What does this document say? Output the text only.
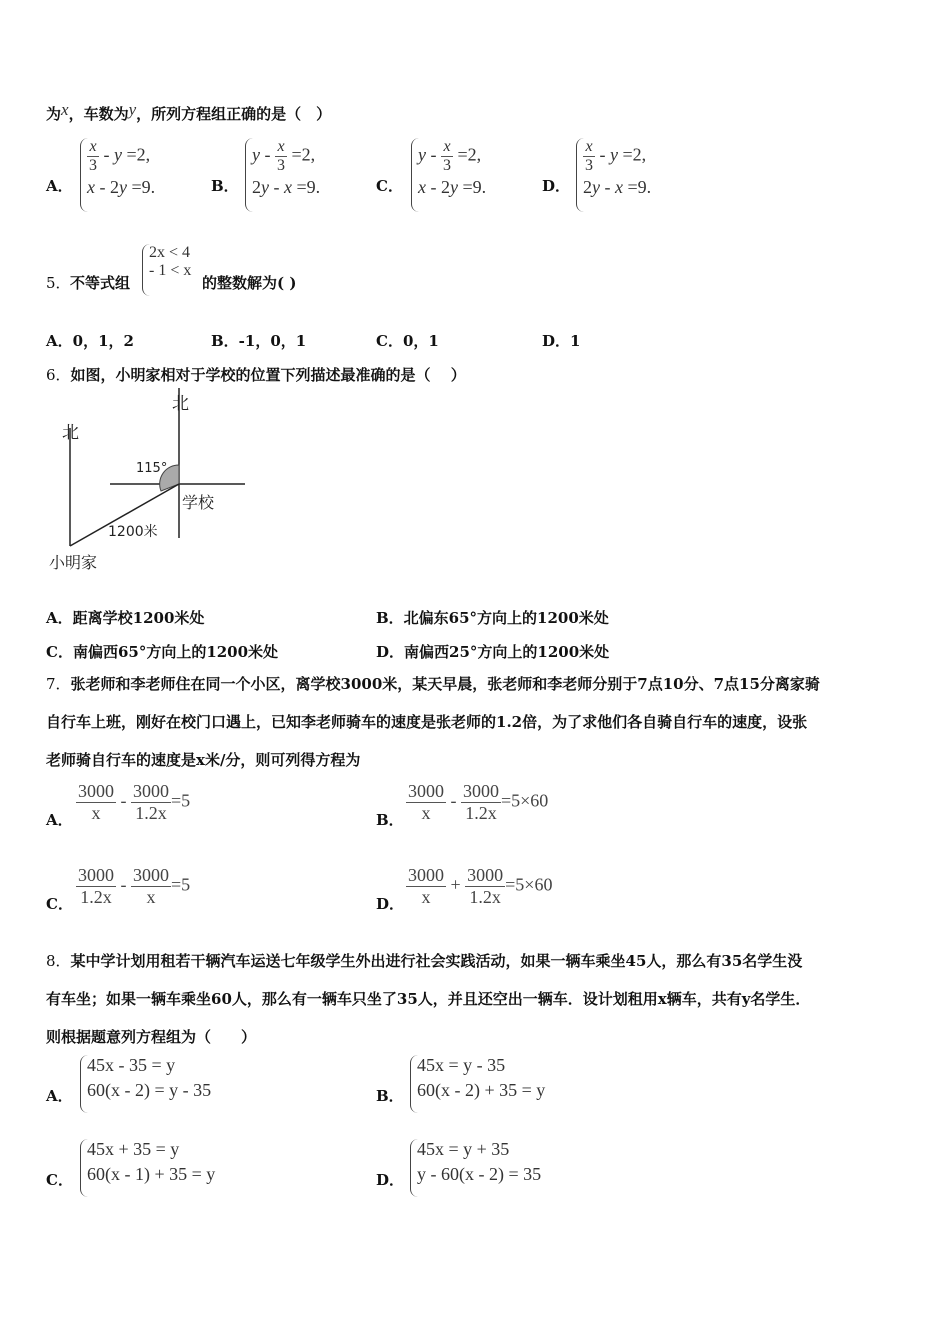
为x，车数为y，所列方程组正确的是（　）
A．
$\frac{x}{3} - y =2$,
x - 2y =9.	B．
$y - \frac{x}{3} =2$,
2y - x =9.	C．
$y - \frac{x}{3} =2$,
x - 2y =9.	D．
$\frac{x}{3} - y =2$,
2y - x =9.
5． 不等式组
2x < 4
- 1 < x
的整数解为( )
A．0，1，2	B．-1，0，1	C．0，1	D．1
6．如图，小明家相对于学校的位置下列描述最准确的是（　 ）
北
北
115°
学校
1200米
小明家
A．距离学校1200米处	B．北偏东65°方向上的1200米处
C．南偏西65°方向上的1200米处	D．南偏西25°方向上的1200米处
7．张老师和李老师住在同一个小区，离学校3000米，某天早晨，张老师和李老师分别于7点10分、7点15分离家骑
自行车上班，刚好在校门口遇上，已知李老师骑车的速度是张老师的1.2倍，为了求他们各自骑自行车的速度，设张
老师骑自行车的速度是x米/分，则可列得方程为
A． $\frac{3000}{x} - \frac{3000}{1.2x} =5$
B． $\frac{3000}{x} - \frac{3000}{1.2x} =5\times 60$
C． $\frac{3000}{1.2x} - \frac{3000}{x} =5$
D． $\frac{3000}{x} + \frac{3000}{1.2x} =5\times 60$
8．某中学计划用租若干辆汽车运送七年级学生外出进行社会实践活动，如果一辆车乘坐45人，那么有35名学生没
有车坐；如果一辆车乘坐60人，那么有一辆车只坐了35人，并且还空出一辆车．设计划租用x辆车，共有y名学生．
则根据题意列方程组为（　　）
A．
45x - 35 = y
60(x - 2) = y - 35	B．
45x = y - 35
60(x - 2) + 35 = y
C．
45x + 35 = y
60(x - 1) + 35 = y	D．
45x = y + 35
y - 60(x - 2) = 35
